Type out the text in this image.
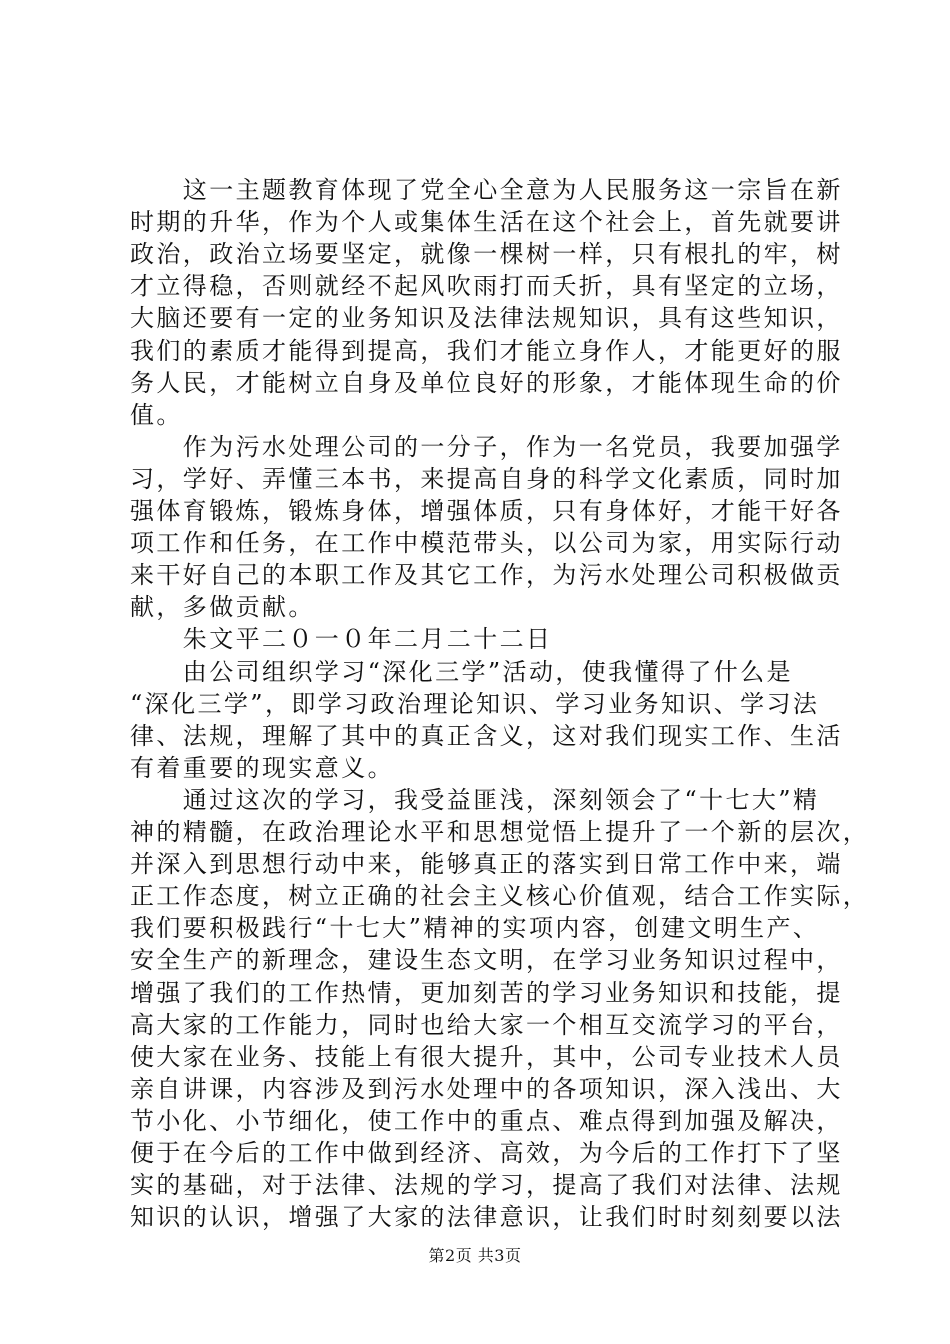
　　这一主题教育体现了党全心全意为人民服务这一宗旨在新
时期的升华，作为个人或集体生活在这个社会上，首先就要讲
政治，政治立场要坚定，就像一棵树一样，只有根扎的牢，树
才立得稳，否则就经不起风吹雨打而夭折，具有坚定的立场，
大脑还要有一定的业务知识及法律法规知识，具有这些知识，
我们的素质才能得到提高，我们才能立身作人，才能更好的服
务人民，才能树立自身及单位良好的形象，才能体现生命的价
值。
　　作为污水处理公司的一分子，作为一名党员，我要加强学
习，学好、弄懂三本书，来提高自身的科学文化素质，同时加
强体育锻炼，锻炼身体，增强体质，只有身体好，才能干好各
项工作和任务，在工作中模范带头，以公司为家，用实际行动
来干好自己的本职工作及其它工作，为污水处理公司积极做贡
献，多做贡献。
　　朱文平二０一０年二月二十二日
　　由公司组织学习“深化三学”活动，使我懂得了什么是
“深化三学”，即学习政治理论知识、学习业务知识、学习法
律、法规，理解了其中的真正含义，这对我们现实工作、生活
有着重要的现实意义。
　　通过这次的学习，我受益匪浅，深刻领会了“十七大”精
神的精髓，在政治理论水平和思想觉悟上提升了一个新的层次，
并深入到思想行动中来，能够真正的落实到日常工作中来，端
正工作态度，树立正确的社会主义核心价值观，结合工作实际，
我们要积极践行“十七大”精神的实项内容，创建文明生产、
安全生产的新理念，建设生态文明，在学习业务知识过程中，
增强了我们的工作热情，更加刻苦的学习业务知识和技能，提
高大家的工作能力，同时也给大家一个相互交流学习的平台，
使大家在业务、技能上有很大提升，其中，公司专业技术人员
亲自讲课，内容涉及到污水处理中的各项知识，深入浅出、大
节小化、小节细化，使工作中的重点、难点得到加强及解决，
便于在今后的工作中做到经济、高效，为今后的工作打下了坚
实的基础，对于法律、法规的学习，提高了我们对法律、法规
知识的认识，增强了大家的法律意识，让我们时时刻刻要以法
第2页 共3页
